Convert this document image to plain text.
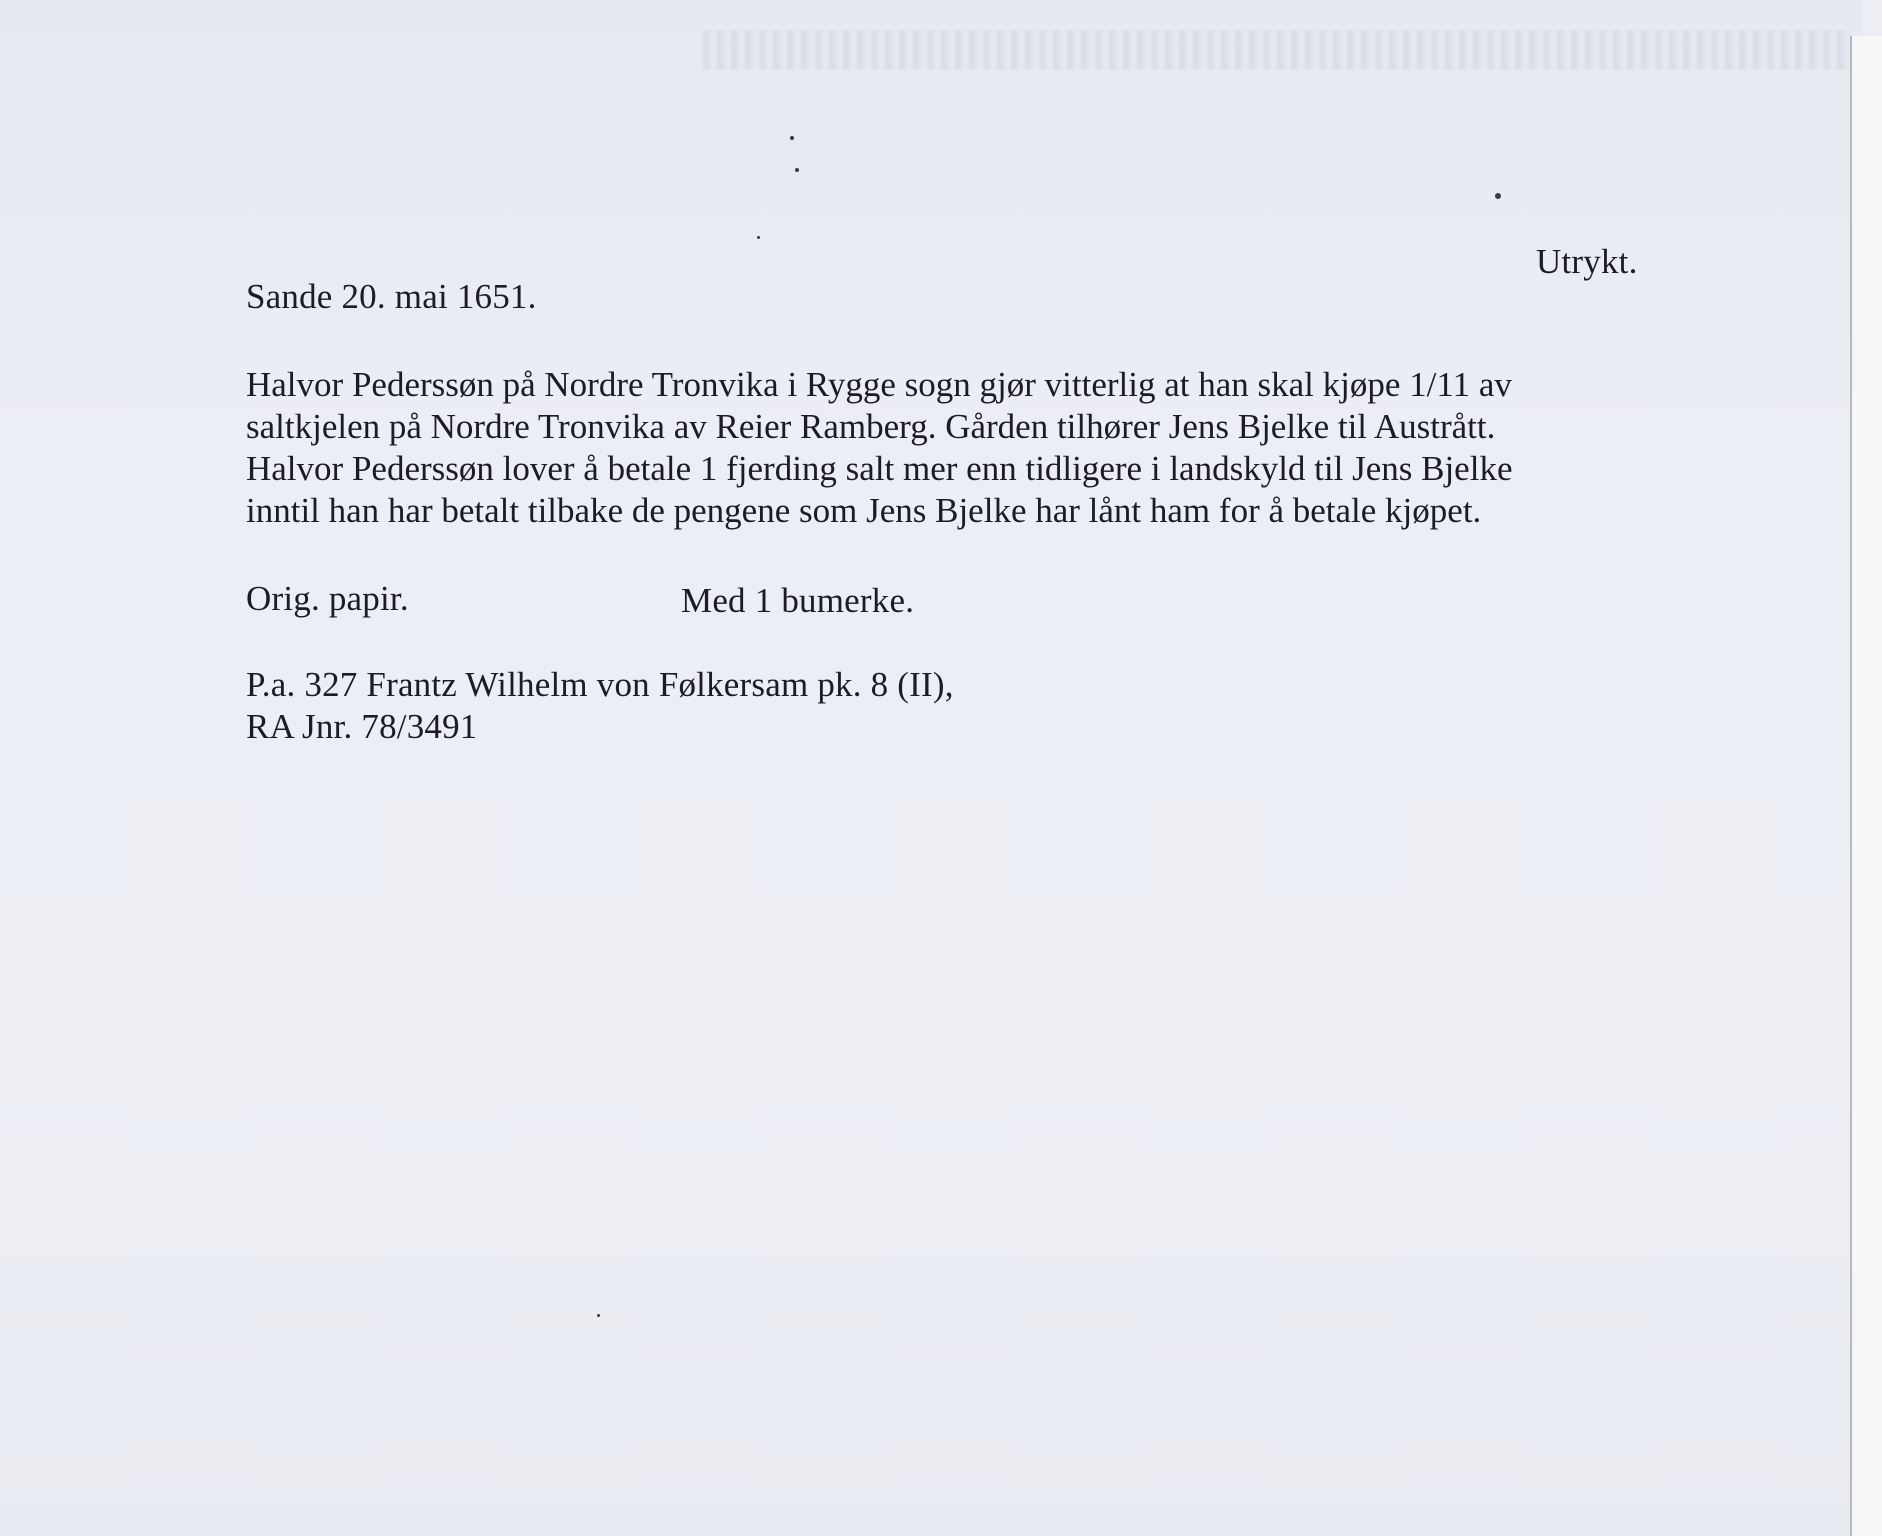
Utrykt.
Sande 20. mai 1651.
Halvor Pederssøn på Nordre Tronvika i Rygge sogn gjør vitterlig at han skal kjøpe 1/11 av
saltkjelen på Nordre Tronvika av Reier Ramberg. Gården tilhører Jens Bjelke til Austrått.
Halvor Pederssøn lover å betale 1 fjerding salt mer enn tidligere i landskyld til Jens Bjelke
inntil han har betalt tilbake de pengene som Jens Bjelke har lånt ham for å betale kjøpet.
Orig. papir.	Med 1 bumerke.
P.a. 327 Frantz Wilhelm von Følkersam pk. 8 (II),
RA Jnr. 78/3491
